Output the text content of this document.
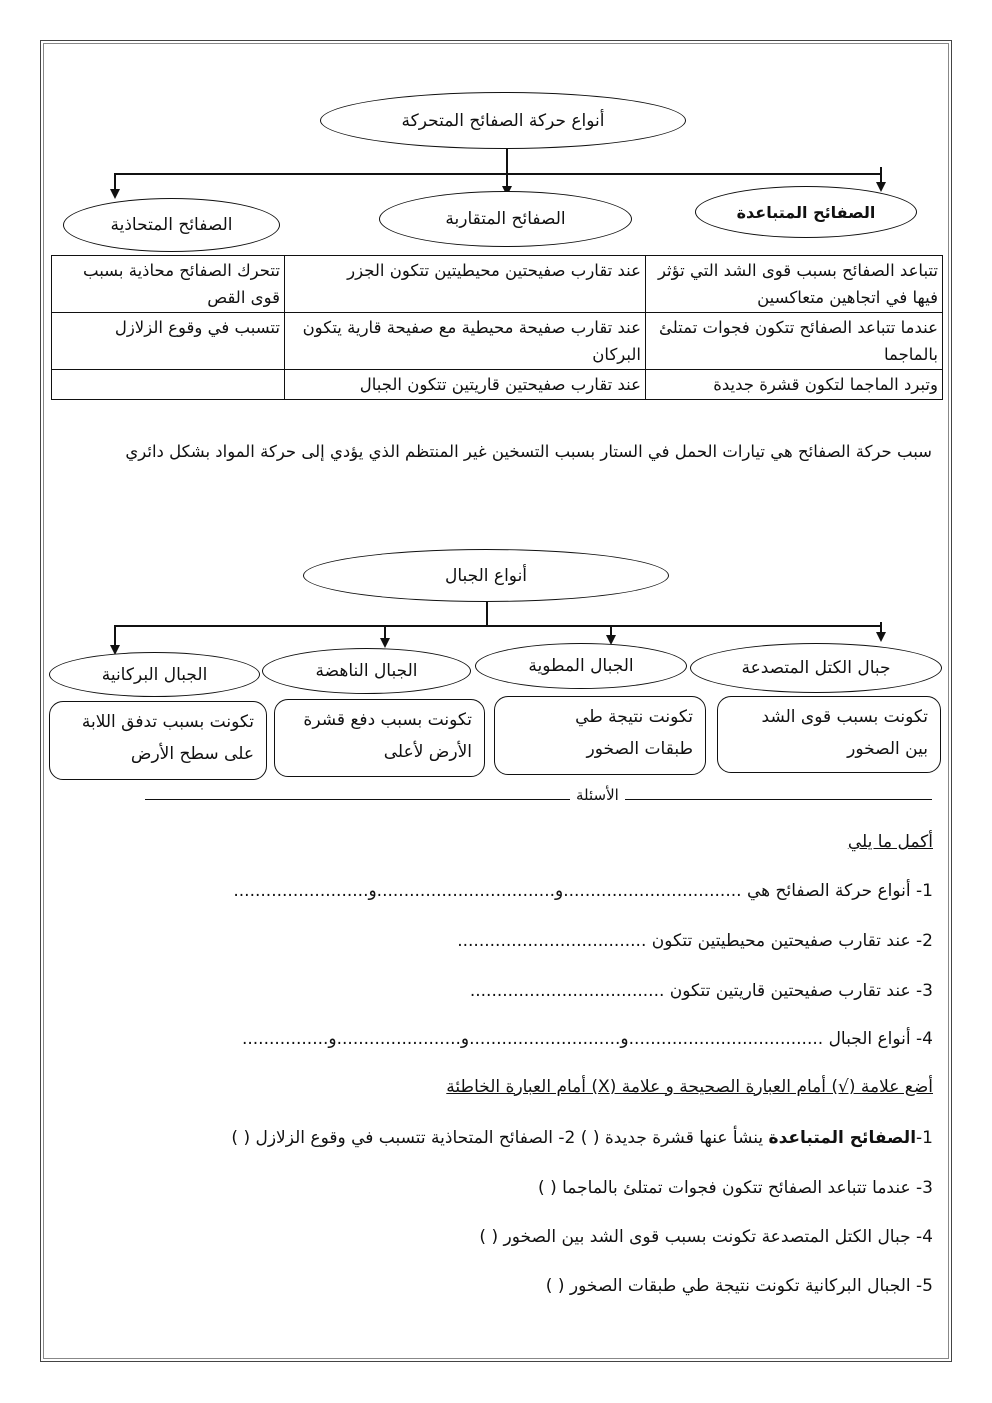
أنواع حركة الصفائح المتحركة
الصفائح المتباعدة
الصفائح المتقاربة
الصفائح المتحاذية
تتباعد الصفائح بسبب قوى الشد التي تؤثر فيها في اتجاهين متعاكسين	عند تقارب صفيحتين محيطيتين تتكون الجزر	تتحرك الصفائح محاذية بسبب قوى القص
عندما تتباعد الصفائح تتكون فجوات تمتلئ بالماجما	عند تقارب صفيحة محيطية مع صفيحة قارية يتكون البركان	تتسبب في وقوع الزلازل
وتبرد الماجما لتكون قشرة جديدة	عند تقارب صفيحتين قاريتين تتكون الجبال	
سبب حركة الصفائح هي تيارات الحمل في الستار بسبب التسخين غير المنتظم الذي يؤدي إلى حركة المواد بشكل دائري
أنواع الجبال
جبال الكتل المتصدعة
الجبال المطوية
الجبال الناهضة
الجبال البركانية
تكونت بسبب قوى الشد
بين الصخور
تكونت نتيجة طي
طبقات الصخور
تكونت بسبب دفع قشرة
الأرض لأعلى
تكونت بسبب تدفق اللابة
على سطح الأرض
الأسئلة
أكمل ما يلي
1- أنواع حركة الصفائح هي .................................و.................................و.........................
2- عند تقارب صفيحتين محيطيتين تتكون ...................................
3- عند تقارب صفيحتين قاريتين تتكون ....................................
4- أنواع الجبال ....................................و............................و.......................و................
أضع علامة (√) أمام العبارة الصحيحة و علامة (X) أمام العبارة الخاطئة
1-الصفائح المتباعدة ينشأ عنها قشرة جديدة ( ) 2- الصفائح المتحاذية تتسبب في وقوع الزلازل ( )
3- عندما تتباعد الصفائح تتكون فجوات تمتلئ بالماجما ( )
4- جبال الكتل المتصدعة تكونت بسبب قوى الشد بين الصخور ( )
5- الجبال البركانية تكونت نتيجة طي طبقات الصخور ( )
